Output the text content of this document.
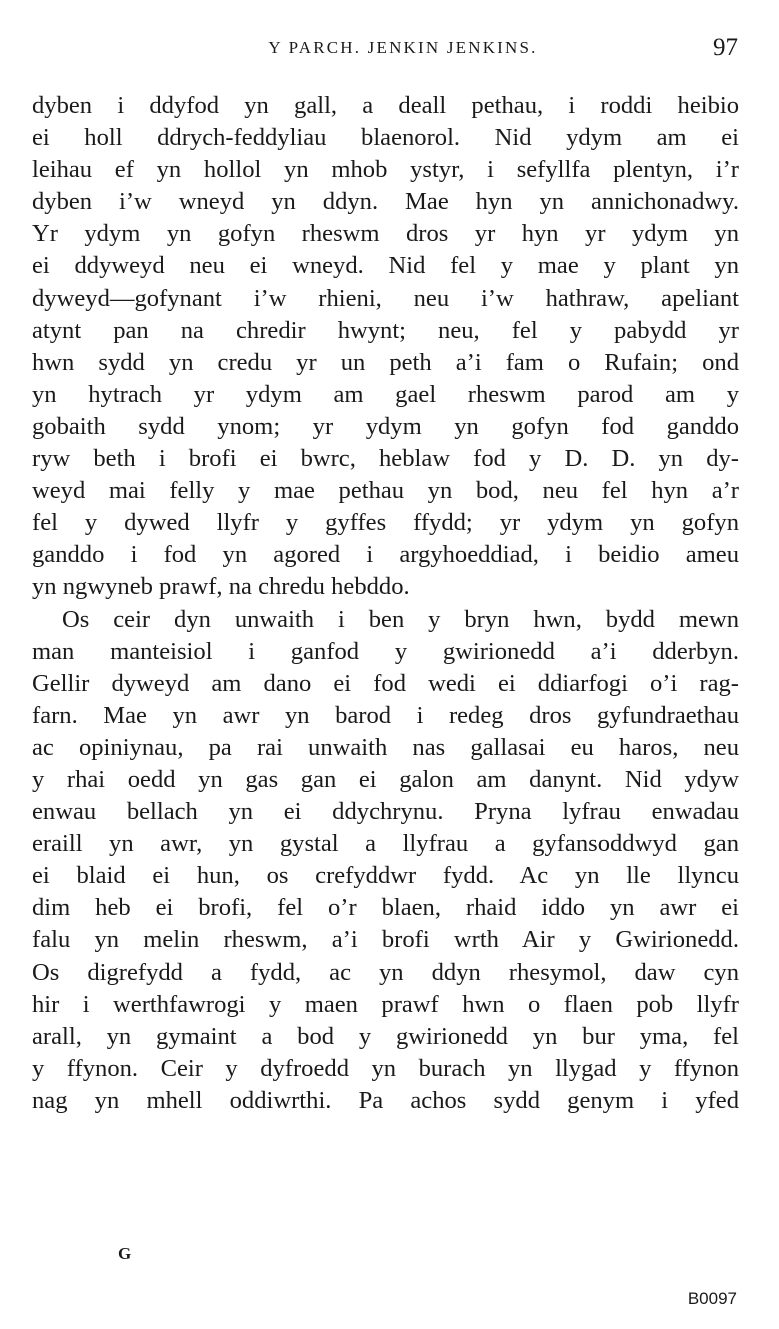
Y PARCH. JENKIN JENKINS.	97
dyben i ddyfod yn gall, a deall pethau, i roddi heibio
ei holl ddrych-feddyliau blaenorol. Nid ydym am ei
leihau ef yn hollol yn mhob ystyr, i sefyllfa plentyn, i’r
dyben i’w wneyd yn ddyn. Mae hyn yn annichonadwy.
Yr ydym yn gofyn rheswm dros yr hyn yr ydym yn
ei ddyweyd neu ei wneyd. Nid fel y mae y plant yn
dyweyd—gofynant i’w rhieni, neu i’w hathraw, apeliant
atynt pan na chredir hwynt; neu, fel y pabydd yr
hwn sydd yn credu yr un peth a’i fam o Rufain; ond
yn hytrach yr ydym am gael rheswm parod am y
gobaith sydd ynom; yr ydym yn gofyn fod ganddo
ryw beth i brofi ei bwrc, heblaw fod y D. D. yn dy-
weyd mai felly y mae pethau yn bod, neu fel hyn a’r
fel y dywed llyfr y gyffes ffydd; yr ydym yn gofyn
ganddo i fod yn agored i argyhoeddiad, i beidio ameu
yn ngwyneb prawf, na chredu hebddo.
Os ceir dyn unwaith i ben y bryn hwn, bydd mewn
man manteisiol i ganfod y gwirionedd a’i dderbyn.
Gellir dyweyd am dano ei fod wedi ei ddiarfogi o’i rag-
farn. Mae yn awr yn barod i redeg dros gyfundraethau
ac opiniynau, pa rai unwaith nas gallasai eu haros, neu
y rhai oedd yn gas gan ei galon am danynt. Nid ydyw
enwau bellach yn ei ddychrynu. Pryna lyfrau enwadau
eraill yn awr, yn gystal a llyfrau a gyfansoddwyd gan
ei blaid ei hun, os crefyddwr fydd. Ac yn lle llyncu
dim heb ei brofi, fel o’r blaen, rhaid iddo yn awr ei
falu yn melin rheswm, a’i brofi wrth Air y Gwirionedd.
Os digrefydd a fydd, ac yn ddyn rhesymol, daw cyn
hir i werthfawrogi y maen prawf hwn o flaen pob llyfr
arall, yn gymaint a bod y gwirionedd yn bur yma, fel
y ffynon. Ceir y dyfroedd yn burach yn llygad y ffynon
nag yn mhell oddiwrthi. Pa achos sydd genym i yfed
G
B0097
